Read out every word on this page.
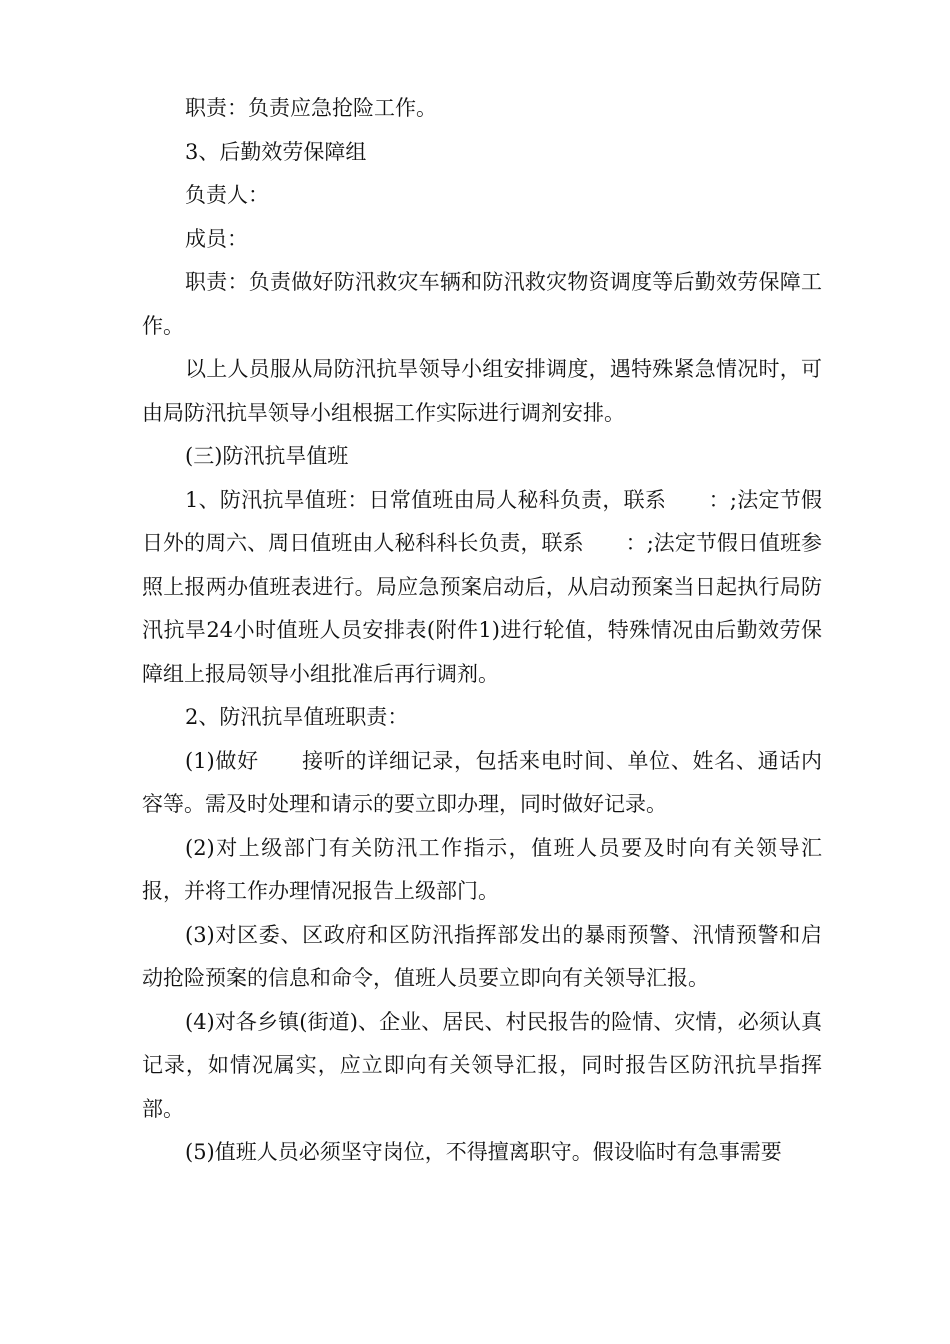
职责：负责应急抢险工作。

3、后勤效劳保障组

负责人：

成员：

职责：负责做好防汛救灾车辆和防汛救灾物资调度等后勤效劳保障工作。

以上人员服从局防汛抗旱领导小组安排调度，遇特殊紧急情况时，可由局防汛抗旱领导小组根据工作实际进行调剂安排。

(三)防汛抗旱值班

1、防汛抗旱值班：日常值班由局人秘科负责，联系　　：;法定节假日外的周六、周日值班由人秘科科长负责，联系　　：;法定节假日值班参照上报两办值班表进行。局应急预案启动后，从启动预案当日起执行局防汛抗旱24小时值班人员安排表(附件1)进行轮值，特殊情况由后勤效劳保障组上报局领导小组批准后再行调剂。

2、防汛抗旱值班职责：

(1)做好　　接听的详细记录，包括来电时间、单位、姓名、通话内容等。需及时处理和请示的要立即办理，同时做好记录。

(2)对上级部门有关防汛工作指示，值班人员要及时向有关领导汇报，并将工作办理情况报告上级部门。

(3)对区委、区政府和区防汛指挥部发出的暴雨预警、汛情预警和启动抢险预案的信息和命令，值班人员要立即向有关领导汇报。

(4)对各乡镇(街道)、企业、居民、村民报告的险情、灾情，必须认真记录，如情况属实，应立即向有关领导汇报，同时报告区防汛抗旱指挥部。

(5)值班人员必须坚守岗位，不得擅离职守。假设临时有急事需要
